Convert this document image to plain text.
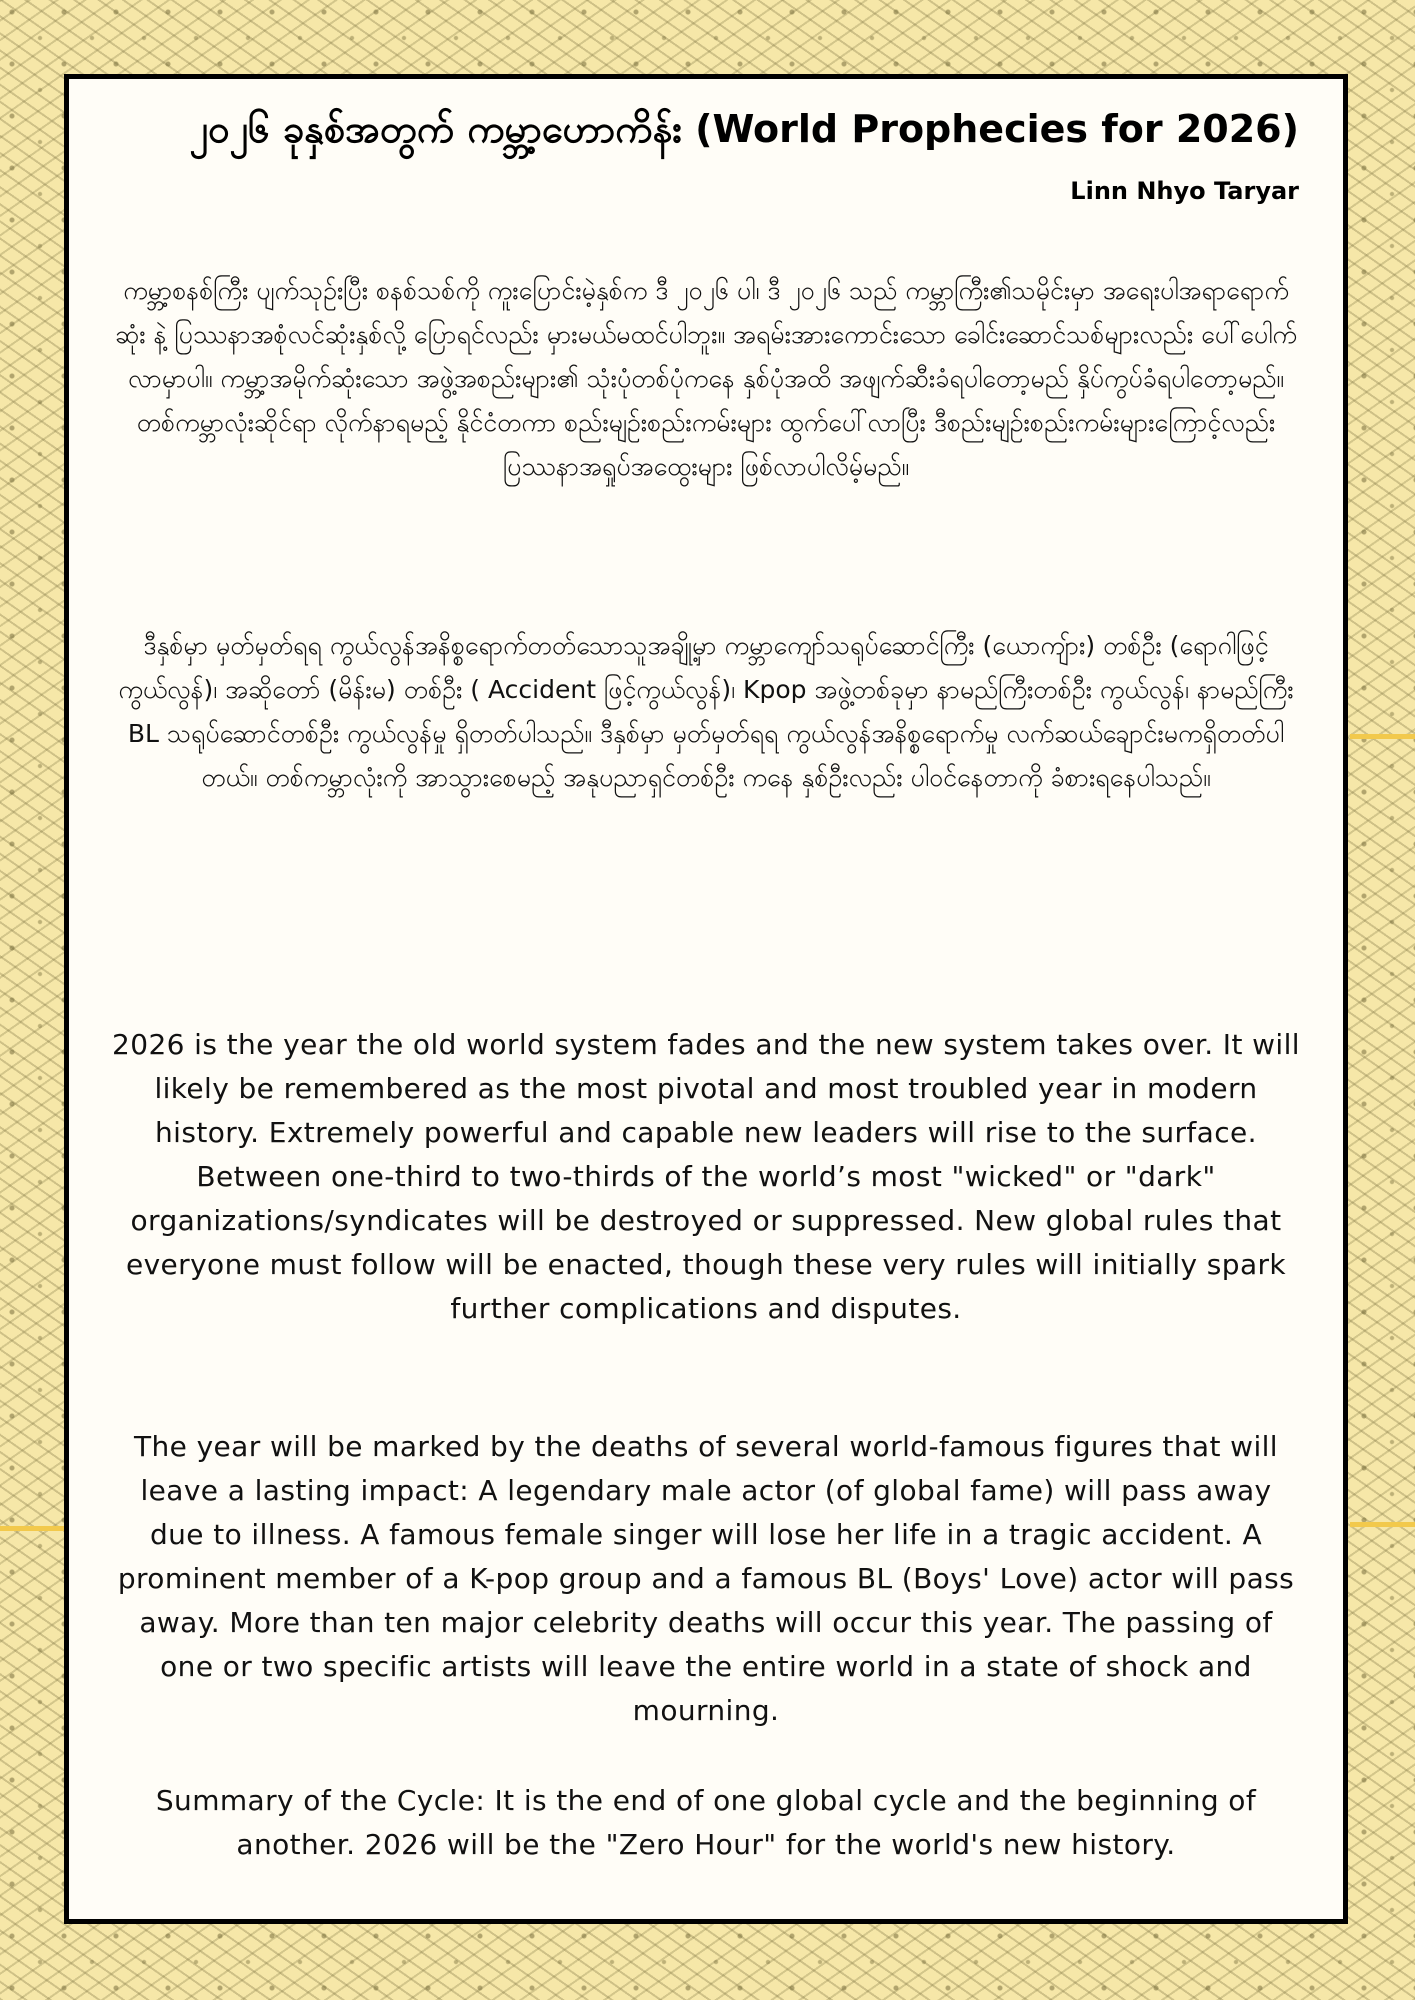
၂၀၂၆ ခုနှစ်အတွက် ကမ္ဘာ့ဟောကိန်း (World Prophecies for 2026)
Linn Nhyo Taryar

ကမ္ဘာ့စနစ်ကြီး ပျက်သုဉ်းပြီး စနစ်သစ်ကို ကူးပြောင်းမဲ့နှစ်က ဒီ ၂၀၂၆ ပါ၊ ဒီ ၂၀၂၆ သည် ကမ္ဘာကြီး၏သမိုင်းမှာ အရေးပါအရာရောက်ဆုံး နဲ့ ပြဿနာအစုံလင်ဆုံးနှစ်လို့ ပြောရင်လည်း မှားမယ်မထင်ပါဘူး။ အရမ်းအားကောင်းသော ခေါင်းဆောင်သစ်များလည်း ပေါ်ပေါက်လာမှာပါ။ ကမ္ဘာ့အမိုက်ဆုံးသော အဖွဲ့အစည်းများ၏ သုံးပုံတစ်ပုံကနေ နှစ်ပုံအထိ အဖျက်ဆီးခံရပါတော့မည် နှိပ်ကွပ်ခံရပါတော့မည်။ တစ်ကမ္ဘာလုံးဆိုင်ရာ လိုက်နာရမည့် နိုင်ငံတကာ စည်းမျဉ်းစည်းကမ်းများ ထွက်ပေါ်လာပြီး ဒီစည်းမျဉ်းစည်းကမ်းများကြောင့်လည်း ပြဿနာအရှုပ်အထွေးများ ဖြစ်လာပါလိမ့်မည်။

ဒီနှစ်မှာ မှတ်မှတ်ရရ ကွယ်လွန်အနိစ္စရောက်တတ်သောသူအချို့မှာ ကမ္ဘာကျော်သရုပ်ဆောင်ကြီး (ယောကျ်ား) တစ်ဦး (ရောဂါဖြင့်ကွယ်လွန်)၊ အဆိုတော် (မိန်းမ) တစ်ဦး ( Accident ဖြင့်ကွယ်လွန်)၊ Kpop အဖွဲ့တစ်ခုမှာ နာမည်ကြီးတစ်ဦး ကွယ်လွန်၊ နာမည်ကြီး BL သရုပ်ဆောင်တစ်ဦး ကွယ်လွန်မှု ရှိတတ်ပါသည်။ ဒီနှစ်မှာ မှတ်မှတ်ရရ ကွယ်လွန်အနိစ္စရောက်မှု လက်ဆယ်ချောင်းမကရှိတတ်ပါတယ်။ တစ်ကမ္ဘာလုံးကို အာသွားစေမည့် အနုပညာရှင်တစ်ဦး ကနေ နှစ်ဦးလည်း ပါဝင်နေတာကို ခံစားရနေပါသည်။

2026 is the year the old world system fades and the new system takes over. It will likely be remembered as the most pivotal and most troubled year in modern history. Extremely powerful and capable new leaders will rise to the surface. Between one-third to two-thirds of the world’s most "wicked" or "dark" organizations/syndicates will be destroyed or suppressed. New global rules that everyone must follow will be enacted, though these very rules will initially spark further complications and disputes.

The year will be marked by the deaths of several world-famous figures that will leave a lasting impact: A legendary male actor (of global fame) will pass away due to illness. A famous female singer will lose her life in a tragic accident. A prominent member of a K-pop group and a famous BL (Boys' Love) actor will pass away. More than ten major celebrity deaths will occur this year. The passing of one or two specific artists will leave the entire world in a state of shock and mourning.

Summary of the Cycle: It is the end of one global cycle and the beginning of another. 2026 will be the "Zero Hour" for the world's new history.
